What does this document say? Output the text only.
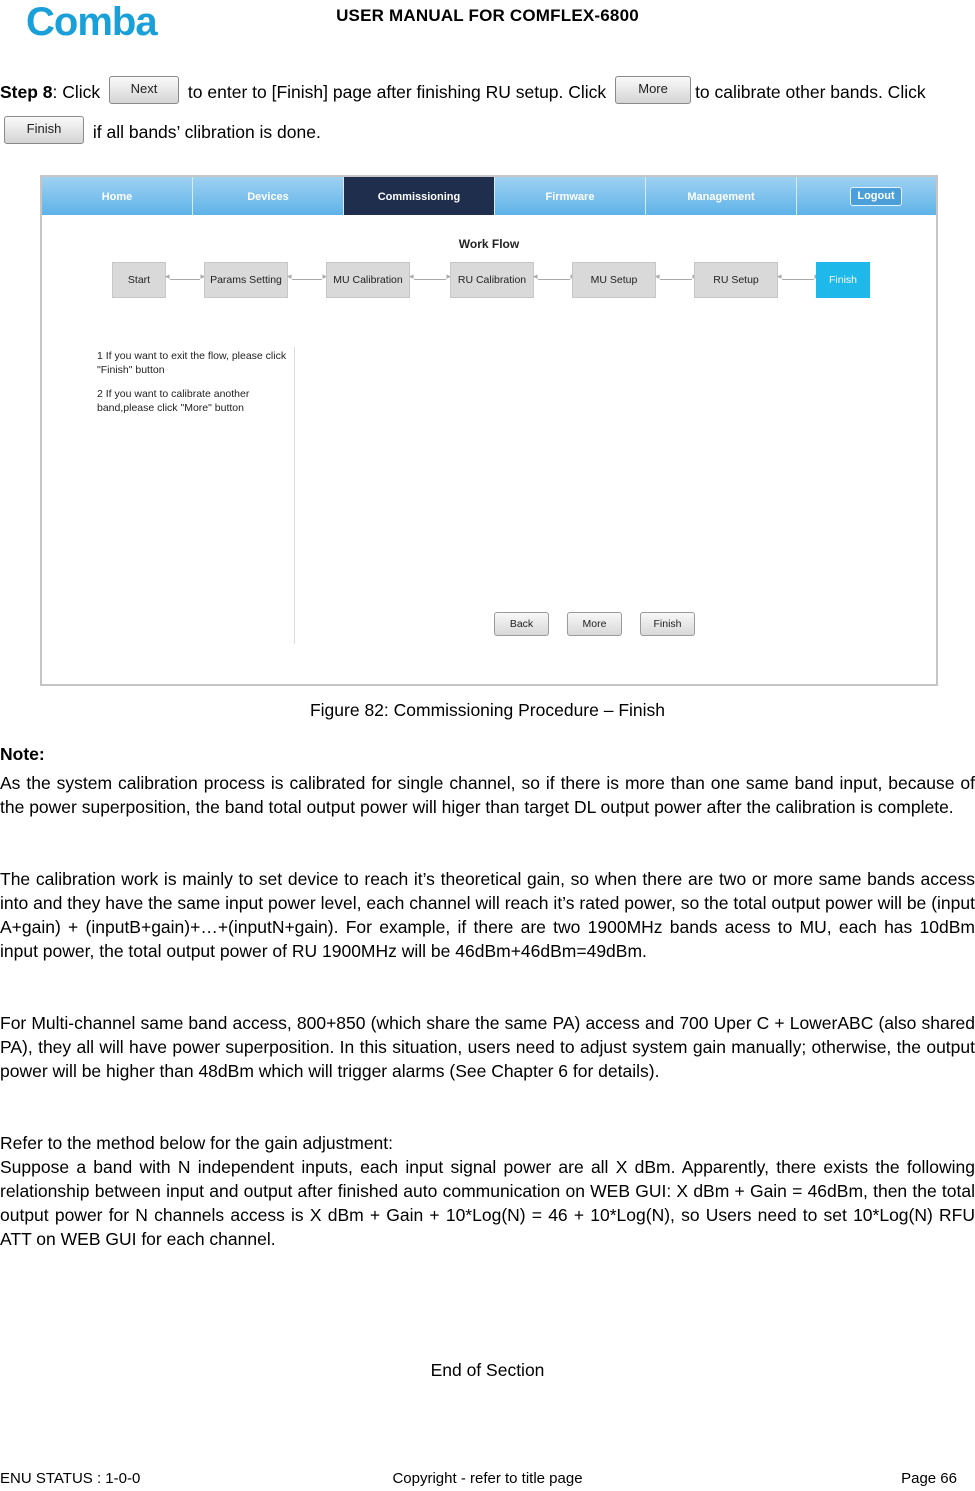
Comba	USER MANUAL FOR COMFLEX-6800
Step 8: Click Next to enter to [Finish] page after finishing RU setup. Click More to calibrate other bands. Click Finish if all bands’ clibration is done.
Home	Devices	Commissioning	Firmware	Management	Logout
Work Flow
Start ◂ ▸	Params Setting ◂ ▸	MU Calibration ◂ ▸	RU Calibration ◂ ▸	MU Setup ◂ ▸	RU Setup ◂ ▸	Finish
1 If you want to exit the flow, please click "Finish" button
2 If you want to calibrate another band,please click "More" button
Back	More	Finish
Figure 82: Commissioning Procedure – Finish
Note:
As the system calibration process is calibrated for single channel, so if there is more than one same band input, because of the power superposition, the band total output power will higer than target DL output power after the calibration is complete.
The calibration work is mainly to set device to reach it’s theoretical gain, so when there are two or more same bands access into and they have the same input power level, each channel will reach it’s rated power, so the total output power will be (input A+gain) + (inputB+gain)+…+(inputN+gain). For example, if there are two 1900MHz bands acess to MU, each has 10dBm input power, the total output power of RU 1900MHz will be 46dBm+46dBm=49dBm.
For Multi-channel same band access, 800+850 (which share the same PA) access and 700 Uper C + LowerABC (also shared PA), they all will have power superposition. In this situation, users need to adjust system gain manually; otherwise, the output power will be higher than 48dBm which will trigger alarms (See Chapter 6 for details).
Refer to the method below for the gain adjustment:
Suppose a band with N independent inputs, each input signal power are all X dBm. Apparently, there exists the following relationship between input and output after finished auto communication on WEB GUI: X dBm + Gain = 46dBm, then the total output power for N channels access is X dBm + Gain + 10*Log(N) = 46 + 10*Log(N), so Users need to set 10*Log(N) RFU ATT on WEB GUI for each channel.
End of Section
ENU STATUS : 1-0-0	Copyright - refer to title page	Page 66
